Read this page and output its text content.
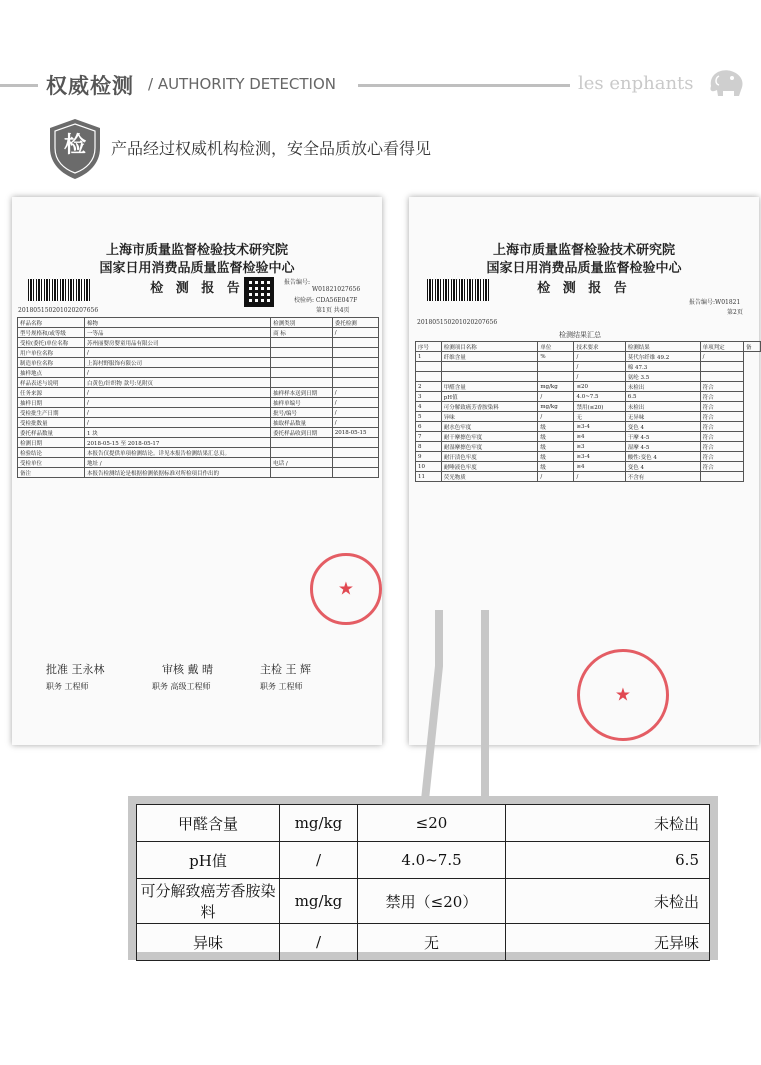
权威检测 / AUTHORITY DETECTION	les enphants
检	产品经过权威机构检测，安全品质放心看得见
上海市质量监督检验技术研究院
国家日用消费品质量监督检验中心
检 测 报 告	报告编号:
W01821027656
校验码: CDA56E047F
第1页 共4页
201805150201020207656
样品名称	棉物	检测类别	委托检测
型号规格和/或等级	一等品	商 标	/
受检(委托)单位名称	苏州丽婴房婴童用品有限公司		
用户单位名称	/		
制造单位名称	上海村野服饰有限公司		
抽样地点	/		
样品表述与说明	白黄色/针织物 款号:见附页		
任务来源	/	抽样样本送到日期	/
抽样日期	/	抽样单编号	/
受检批生产日期	/	批号/编号	/
受检批数量	/	抽取样品数量	/
委托样品数量	1 块	委托样品收到日期	2018-05-15
检测日期	2018-05-15 至 2018-05-17		
检验结论	本报告仅提供单项检测结论。详见本报告检测结果汇总页。		
受检单位	地址 /	电话 /	
备注	本报告检测结论是根据检测依据标准对所检项目作出的		
★
批准 王永林	审核 戴 晴	主检 王 辉
职务 工程师	职务 高级工程师	职务 工程师
上海市质量监督检验技术研究院
国家日用消费品质量监督检验中心
检 测 报 告
报告编号:W01821
第2页
201805150201020207656
检测结果汇总
序号	检测项目名称	单位	技术要求	检测结果	单项判定	备
1	纤维含量	%	/	莫代尔纤维 49.2	/	
			/	棉 47.3		
			/	氨纶 3.5		
2	甲醛含量	mg/kg	≤20	未检出	符合	
3	pH值	/	4.0~7.5	6.5	符合	
4	可分解致癌芳香胺染料	mg/kg	禁用(≤20)	未检出	符合	
5	异味	/	无	无异味	符合	
6	耐水色牢度	级	≥3-4	变色 4	符合	
7	耐干摩擦色牢度	级	≥4	干摩 4-5	符合	
8	耐湿摩擦色牢度	级	≥3	湿摩 4-5	符合	
9	耐汗渍色牢度	级	≥3-4	酸性:变色 4	符合	
10	耐唾液色牢度	级	≥4	变色 4	符合	
11	荧光物质	/	/	不含有		
★
甲醛含量	mg/kg	≤20	未检出
pH值	/	4.0~7.5	6.5
可分解致癌芳香胺染料	mg/kg	禁用（≤20）	未检出
异味	/	无	无异味
